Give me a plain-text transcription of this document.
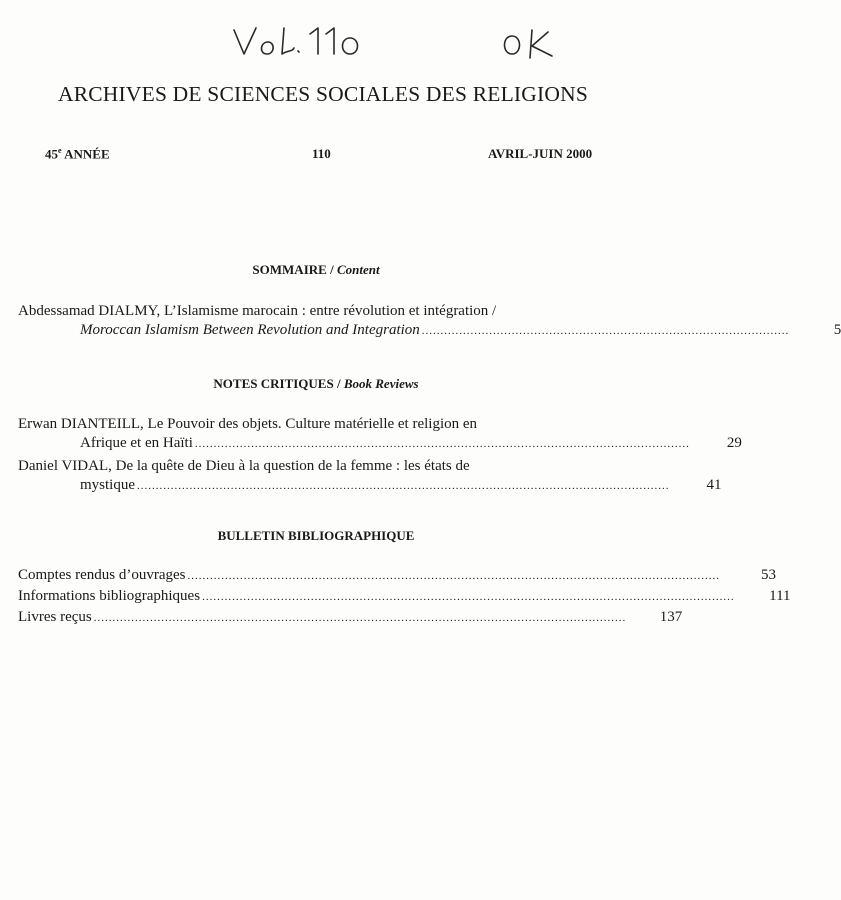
ARCHIVES DE SCIENCES SOCIALES DES RELIGIONS
45e ANNÉE	110	AVRIL-JUIN 2000
SOMMAIRE / Content
Abdessamad DIALMY, L’Islamisme marocain : entre révolution et intégration /
Moroccan Islamism Between Revolution and Integration ..................................................................................................	5
NOTES CRITIQUES / Book Reviews
Erwan DIANTEILL, Le Pouvoir des objets. Culture matérielle et religion en
Afrique et en Haïti ....................................................................................................................................	29
Daniel VIDAL, De la quête de Dieu à la question de la femme : les états de
mystique ..............................................................................................................................................	41
BULLETIN BIBLIOGRAPHIQUE
Comptes rendus d’ouvrages ..............................................................................................................................................	53
Informations bibliographiques ..............................................................................................................................................	111
Livres reçus ..............................................................................................................................................	137
